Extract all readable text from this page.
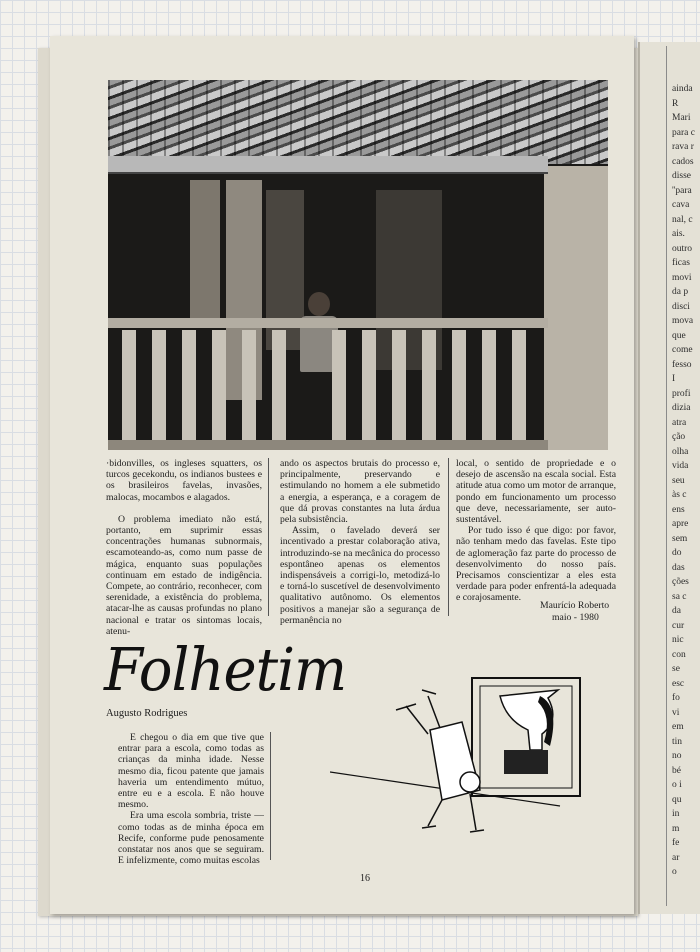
ainda
R
Mari
para c
rava r
cados
disse
''para
cava
nal, c
ais.
outro
ficas
movi
da p
disci
mova
que
come
fesso
I
profi
dizia
atra
ção
olha
vida
seu
às c
ens
apre
sem
do
das
ções
sa c
da
cur
nic
con
se
esc
fo
vi
em
tin
no
bé
o i
qu
in
m
fe
ar
o

·bidonvilles, os ingleses squatters, os turcos gecekondu, os indianos bustees e os brasileiros favelas, invasões, malocas, mocambos e alagados.

O problema imediato não está, portanto, em suprimir essas concentrações humanas subnormais, escamoteando-as, como num passe de mágica, enquanto suas populações continuam em estado de indigência. Compete, ao contrário, reconhecer, com serenidade, a existência do problema, atacar-lhe as causas profundas no plano nacional e tratar os sintomas locais, atenu-

ando os aspectos brutais do processo e, principalmente, preservando e estimulando no homem a ele submetido a energia, a esperança, e a coragem de que dá provas constantes na luta árdua pela subsistência.

Assim, o favelado deverá ser incentivado a prestar colaboração ativa, introduzindo-se na mecânica do processo espontâneo apenas os elementos indispensáveis a corrigi-lo, metodizá-lo e torná-lo suscetível de desenvolvimento qualitativo autônomo. Os elementos positivos a manejar são a segurança de permanência no

local, o sentido de propriedade e o desejo de ascensão na escala social. Esta atitude atua como um motor de arranque, pondo em funcionamento um processo que deve, necessariamente, ser auto-sustentável.

Por tudo isso é que digo: por favor, não tenham medo das favelas. Este tipo de aglomeração faz parte do processo de desenvolvimento do nosso país. Precisamos conscientizar a eles esta verdade para poder enfrentá-la adequada e corajosamente.

Maurício Roberto
maio - 1980
Folhetim
Augusto Rodrigues

E chegou o dia em que tive que entrar para a escola, como todas as crianças da minha idade. Nesse mesmo dia, ficou patente que jamais haveria um entendimento mútuo, entre eu e a escola. E não houve mesmo.

Era uma escola sombria, triste — como todas as de minha época em Recife, conforme pude penosamente constatar nos anos que se seguiram. E infelizmente, como muitas escolas

16
